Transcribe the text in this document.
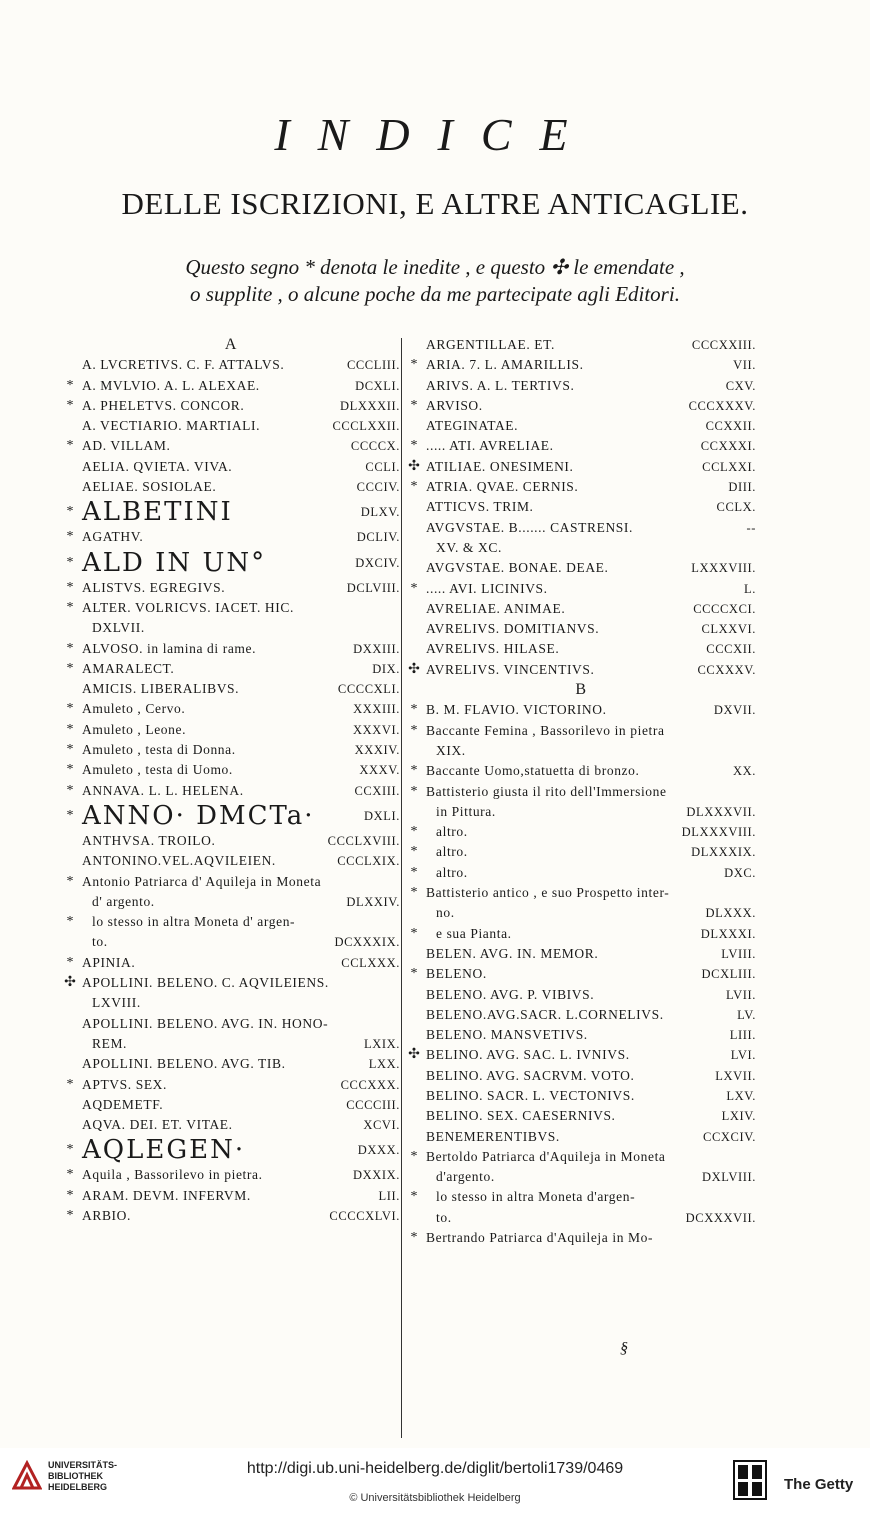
INDICE
DELLE ISCRIZIONI, E ALTRE ANTICAGLIE.
Questo segno * denota le inedite , e questo ✣ le emendate ,
o supplite , o alcune poche da me partecipate agli Editori.
A
A. LVCRETIVS. C. F. ATTALVS.	CCCLIII.
* A. MVLVIO. A. L. ALEXAE.	DCXLI.
* A. PHELETVS. CONCOR.	DLXXXII.
A. VECTIARIO. MARTIALI.	CCCLXXII.
* AD. VILLAM.	CCCCX.
AELIA. QVIETA. VIVA.	CCLI.
AELIAE. SOSIOLAE.	CCCIV.
* ALBETINI	DLXV.
* AGATHV.	DCLIV.
* ALD IN UN°	DXCIV.
* ALISTVS. EGREGIVS.	DCLVIII.
* ALTER. VOLRICVS. IACET. HIC.
DXLVII.
* ALVOSO. in lamina di rame.	DXXIII.
* AMARALECT.	DIX.
AMICIS. LIBERALIBVS.	CCCCXLI.
* Amuleto , Cervo.	XXXIII.
* Amuleto , Leone.	XXXVI.
* Amuleto , testa di Donna.	XXXIV.
* Amuleto , testa di Uomo.	XXXV.
* ANNAVA. L. L. HELENA.	CCXIII.
* ANNO· DMCTa·	DXLI.
ANTHVSA. TROILO.	CCCLXVIII.
ANTONINO.VEL.AQVILEIEN.	CCCLXIX.
* Antonio Patriarca d' Aquileja in Moneta
d' argento.	DLXXIV.
*	lo stesso in altra Moneta d' argen-
to.	DCXXXIX.
* APINIA.	CCLXXX.
✣ APOLLINI. BELENO. C. AQVILEIENS.
LXVIII.
APOLLINI. BELENO. AVG. IN. HONO-
REM.	LXIX.
APOLLINI. BELENO. AVG. TIB.	LXX.
* APTVS. SEX.	CCCXXX.
AQDEMETF.	CCCCIII.
AQVA. DEI. ET. VITAE.	XCVI.
* AQLEGEN·	DXXX.
* Aquila , Bassorilevo in pietra.	DXXIX.
* ARAM. DEVM. INFERVM.	LII.
* ARBIO.	CCCCXLVI.
ARGENTILLAE. ET.	CCCXXIII.
* ARIA. 7. L. AMARILLIS.	VII.
ARIVS. A. L. TERTIVS.	CXV.
* ARVISO.	CCCXXXV.
ATEGINATAE.	CCXXII.
* ..... ATI. AVRELIAE.	CCXXXI.
✣ ATILIAE. ONESIMENI.	CCLXXI.
* ATRIA. QVAE. CERNIS.	DIII.
ATTICVS. TRIM.	CCLX.
AVGVSTAE. B....... CASTRENSI.	--
XV. & XC.
AVGVSTAE. BONAE. DEAE.	LXXXVIII.
* ..... AVI. LICINIVS.	L.
AVRELIAE. ANIMAE.	CCCCXCI.
AVRELIVS. DOMITIANVS.	CLXXVI.
AVRELIVS. HILASE.	CCCXII.
✣ AVRELIVS. VINCENTIVS.	CCXXXV.
B
* B. M. FLAVIO. VICTORINO.	DXVII.
* Baccante Femina , Bassorilevo in pietra
XIX.
* Baccante Uomo,statuetta di bronzo.	XX.
* Battisterio giusta il rito dell'Immersione
in Pittura.	DLXXXVII.
*	altro.	DLXXXVIII.
*	altro.	DLXXXIX.
*	altro.	DXC.
* Battisterio antico , e suo Prospetto inter-
no.	DLXXX.
*	e sua Pianta.	DLXXXI.
BELEN. AVG. IN. MEMOR.	LVIII.
* BELENO.	DCXLIII.
BELENO. AVG. P. VIBIVS.	LVII.
BELENO.AVG.SACR. L.CORNELIVS.	LV.
BELENO. MANSVETIVS.	LIII.
✣ BELINO. AVG. SAC. L. IVNIVS.	LVI.
BELINO. AVG. SACRVM. VOTO.	LXVII.
BELINO. SACR. L. VECTONIVS.	LXV.
BELINO. SEX. CAESERNIVS.	LXIV.
BENEMERENTIBVS.	CCXCIV.
* Bertoldo Patriarca d'Aquileja in Moneta
d'argento.	DXLVIII.
*	lo stesso in altra Moneta d'argen-
to.	DCXXXVII.
* Bertrando Patriarca d'Aquileja in Mo-
§
UNIVERSITÄTS-
BIBLIOTHEK
HEIDELBERG
http://digi.ub.uni-heidelberg.de/diglit/bertoli1739/0469
© Universitätsbibliothek Heidelberg
The Getty
